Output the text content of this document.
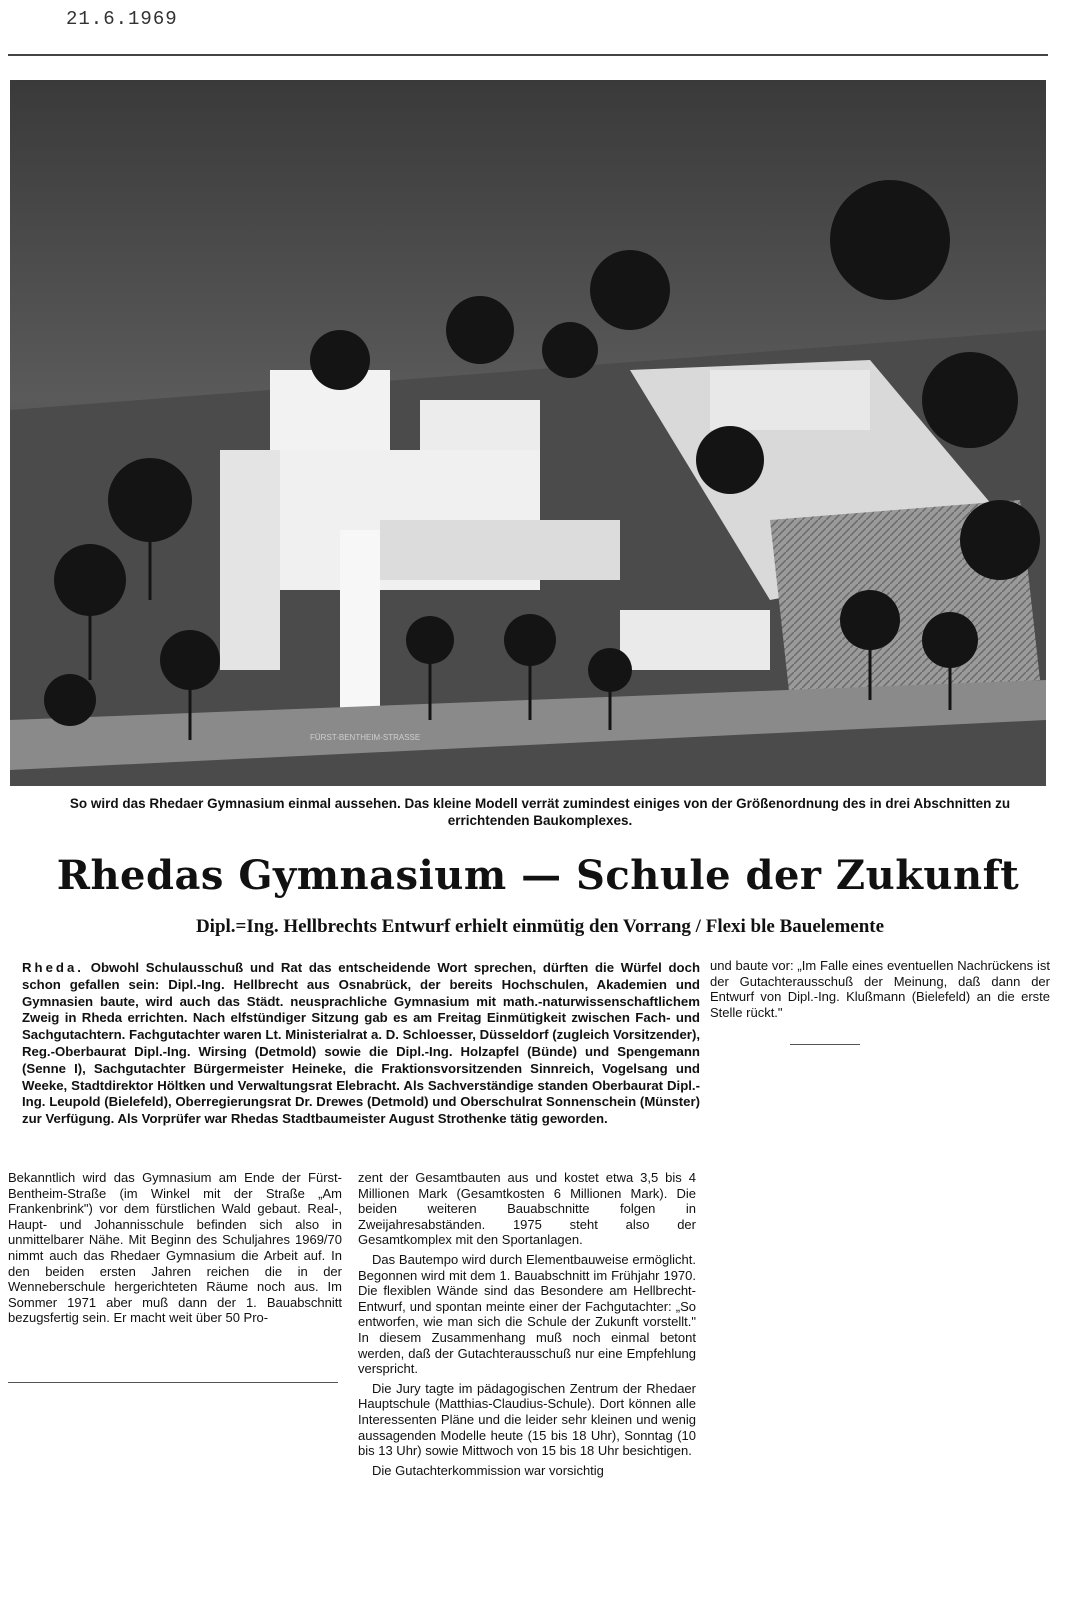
21.6.1969
FÜRST-BENTHEIM-STRASSE
So wird das Rhedaer Gymnasium einmal aussehen. Das kleine Modell verrät zumindest einiges von der Größenordnung des in drei Abschnitten zu errichtenden Baukomplexes.
Rhedas Gymnasium — Schule der Zukunft
Dipl.=Ing. Hellbrechts Entwurf erhielt einmütig den Vorrang / Flexi ble Bauelemente
Rheda. Obwohl Schulausschuß und Rat das entscheidende Wort sprechen, dürften die Würfel doch schon gefallen sein: Dipl.-Ing. Hellbrecht aus Osnabrück, der bereits Hochschulen, Akademien und Gymnasien baute, wird auch das Städt. neusprachliche Gymnasium mit math.-naturwissenschaftlichem Zweig in Rheda errichten. Nach elfstündiger Sitzung gab es am Freitag Einmütigkeit zwischen Fach- und Sachgutachtern. Fachgutachter waren Lt. Ministerialrat a. D. Schloesser, Düsseldorf (zugleich Vorsitzender), Reg.-Oberbaurat Dipl.-Ing. Wirsing (Detmold) sowie die Dipl.-Ing. Holzapfel (Bünde) und Spengemann (Senne I), Sachgutachter Bürgermeister Heineke, die Fraktionsvorsitzenden Sinnreich, Vogelsang und Weeke, Stadtdirektor Höltken und Verwaltungsrat Elebracht. Als Sachverständige standen Oberbaurat Dipl.-Ing. Leupold (Bielefeld), Oberregierungsrat Dr. Drewes (Detmold) und Oberschulrat Sonnenschein (Münster) zur Verfügung. Als Vorprüfer war Rhedas Stadtbaumeister August Strothenke tätig geworden.

Bekanntlich wird das Gymnasium am Ende der Fürst-Bentheim-Straße (im Winkel mit der Straße „Am Frankenbrink") vor dem fürstlichen Wald gebaut. Real-, Haupt- und Johannisschule befinden sich also in unmittelbarer Nähe. Mit Beginn des Schuljahres 1969/70 nimmt auch das Rhedaer Gymnasium die Arbeit auf. In den beiden ersten Jahren reichen die in der Wenneberschule hergerichteten Räume noch aus. Im Sommer 1971 aber muß dann der 1. Bauabschnitt bezugsfertig sein. Er macht weit über 50 Pro-

zent der Gesamtbauten aus und kostet etwa 3,5 bis 4 Millionen Mark (Gesamtkosten 6 Millionen Mark). Die beiden weiteren Bauabschnitte folgen in Zweijahresabständen. 1975 steht also der Gesamtkomplex mit den Sportanlagen.

Das Bautempo wird durch Elementbauweise ermöglicht. Begonnen wird mit dem 1. Bauabschnitt im Frühjahr 1970. Die flexiblen Wände sind das Besondere am Hellbrecht-Entwurf, und spontan meinte einer der Fachgutachter: „So entworfen, wie man sich die Schule der Zukunft vorstellt." In diesem Zusammenhang muß noch einmal betont werden, daß der Gutachterausschuß nur eine Empfehlung verspricht.

Die Jury tagte im pädagogischen Zentrum der Rhedaer Hauptschule (Matthias-Claudius-Schule). Dort können alle Interessenten Pläne und die leider sehr kleinen und wenig aussagenden Modelle heute (15 bis 18 Uhr), Sonntag (10 bis 13 Uhr) sowie Mittwoch von 15 bis 18 Uhr besichtigen.

Die Gutachterkommission war vorsichtig

und baute vor: „Im Falle eines eventuellen Nachrückens ist der Gutachterausschuß der Meinung, daß dann der Entwurf von Dipl.-Ing. Klußmann (Bielefeld) an die erste Stelle rückt."
